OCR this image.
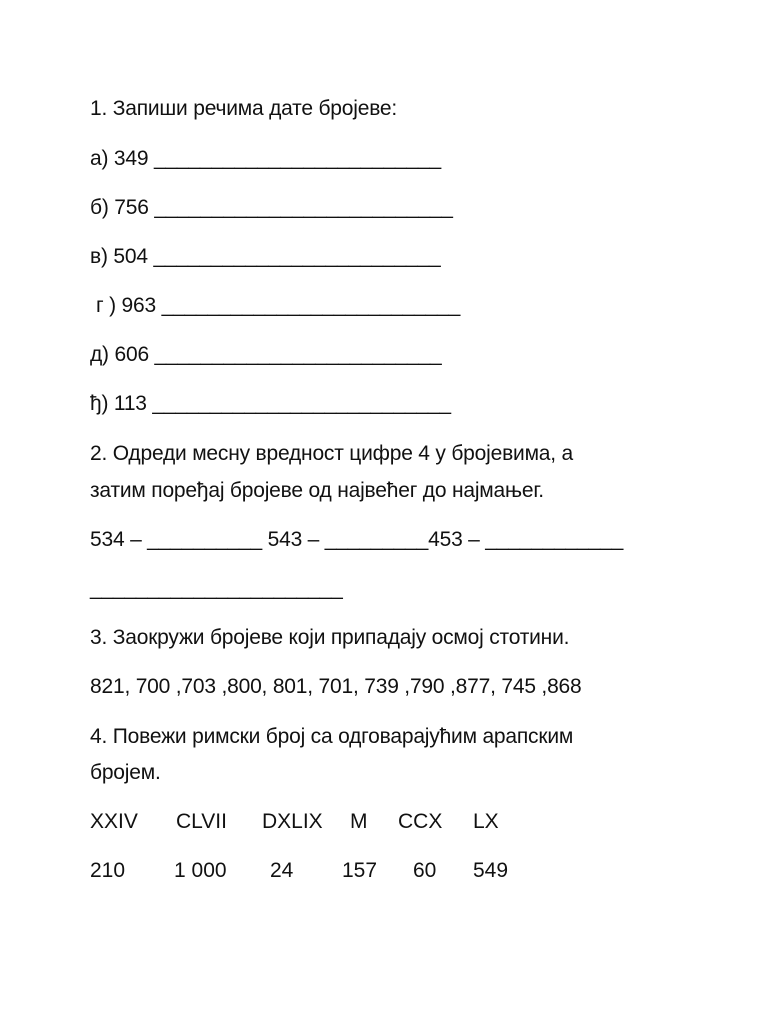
1. Запиши речима дате бројеве:
а) 349 _________________________
б) 756 __________________________
в) 504 _________________________
г ) 963 __________________________
д) 606 _________________________
ђ) 113 __________________________
2. Одреди месну вредност цифре 4 у бројевима, а
затим поређај бројеве од највећег до најмањег.
534 – __________ 543 – _________453 – ____________
______________________
3. Заокружи бројеве који припадају осмој стотини.
821, 700 ,703 ,800, 801, 701, 739 ,790 ,877, 745 ,868
4. Повежи римски број са одговарајућим арапским
бројем.
XXIV CLVII DXLIX M CCX LX
210 1 000 24 157 60 549
